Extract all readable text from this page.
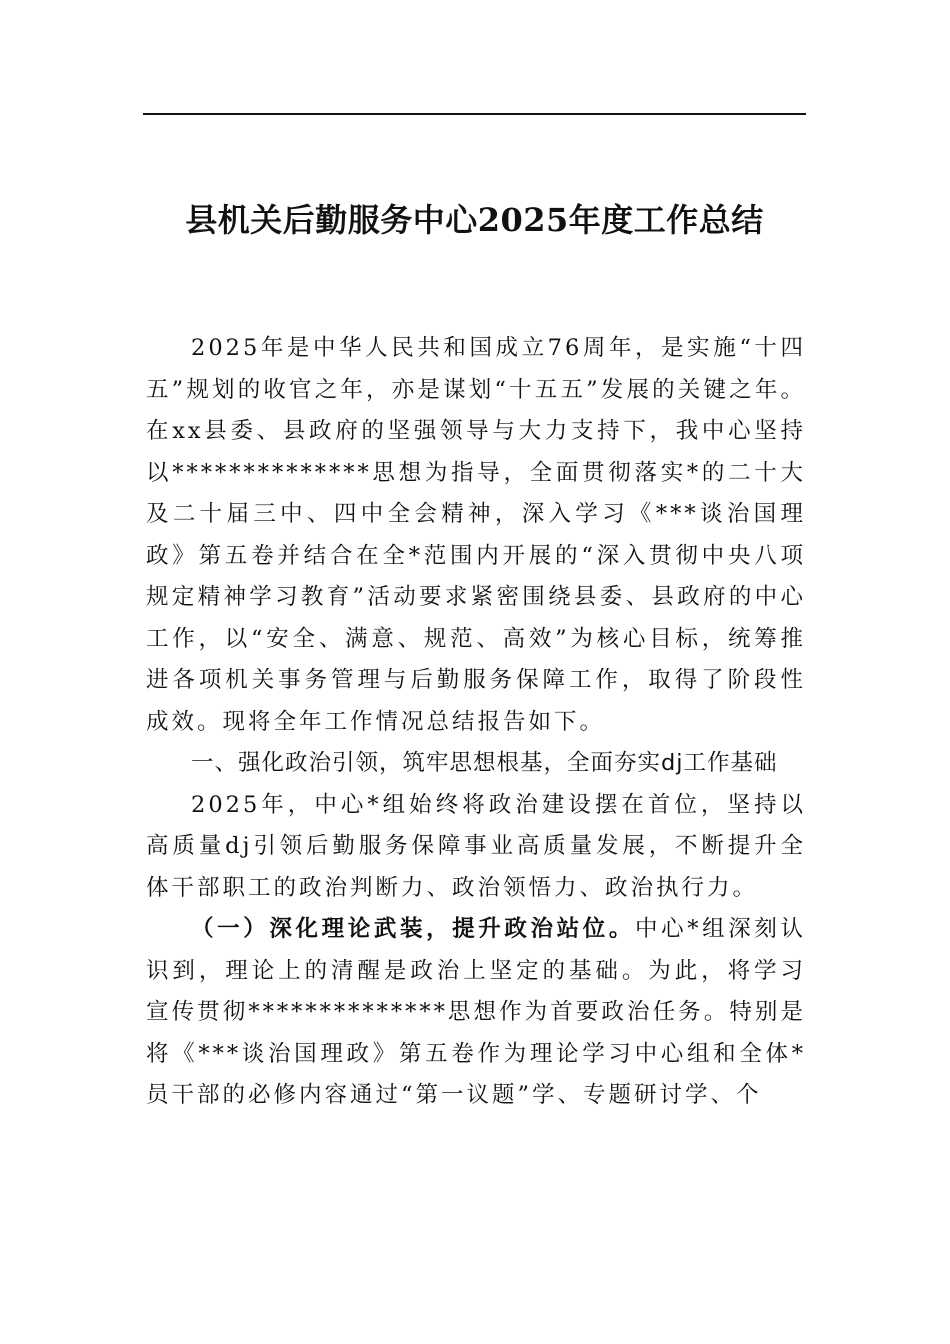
县机关后勤服务中心2025年度工作总结

2025年是中华人民共和国成立76周年，是实施“十四五”规划的收官之年，亦是谋划“十五五”发展的关键之年。在xx县委、县政府的坚强领导与大力支持下，我中心坚持以**************思想为指导，全面贯彻落实*的二十大及二十届三中、四中全会精神，深入学习《***谈治国理政》第五卷并结合在全*范围内开展的“深入贯彻中央八项规定精神学习教育”活动要求紧密围绕县委、县政府的中心工作，以“安全、满意、规范、高效”为核心目标，统筹推进各项机关事务管理与后勤服务保障工作，取得了阶段性成效。现将全年工作情况总结报告如下。

一、强化政治引领，筑牢思想根基，全面夯实dj工作基础

2025年，中心*组始终将政治建设摆在首位，坚持以高质量dj引领后勤服务保障事业高质量发展，不断提升全体干部职工的政治判断力、政治领悟力、政治执行力。

（一）深化理论武装，提升政治站位。中心*组深刻认识到，理论上的清醒是政治上坚定的基础。为此，将学习宣传贯彻**************思想作为首要政治任务。特别是将《***谈治国理政》第五卷作为理论学习中心组和全体*员干部的必修内容通过“第一议题”学、专题研讨学、个
